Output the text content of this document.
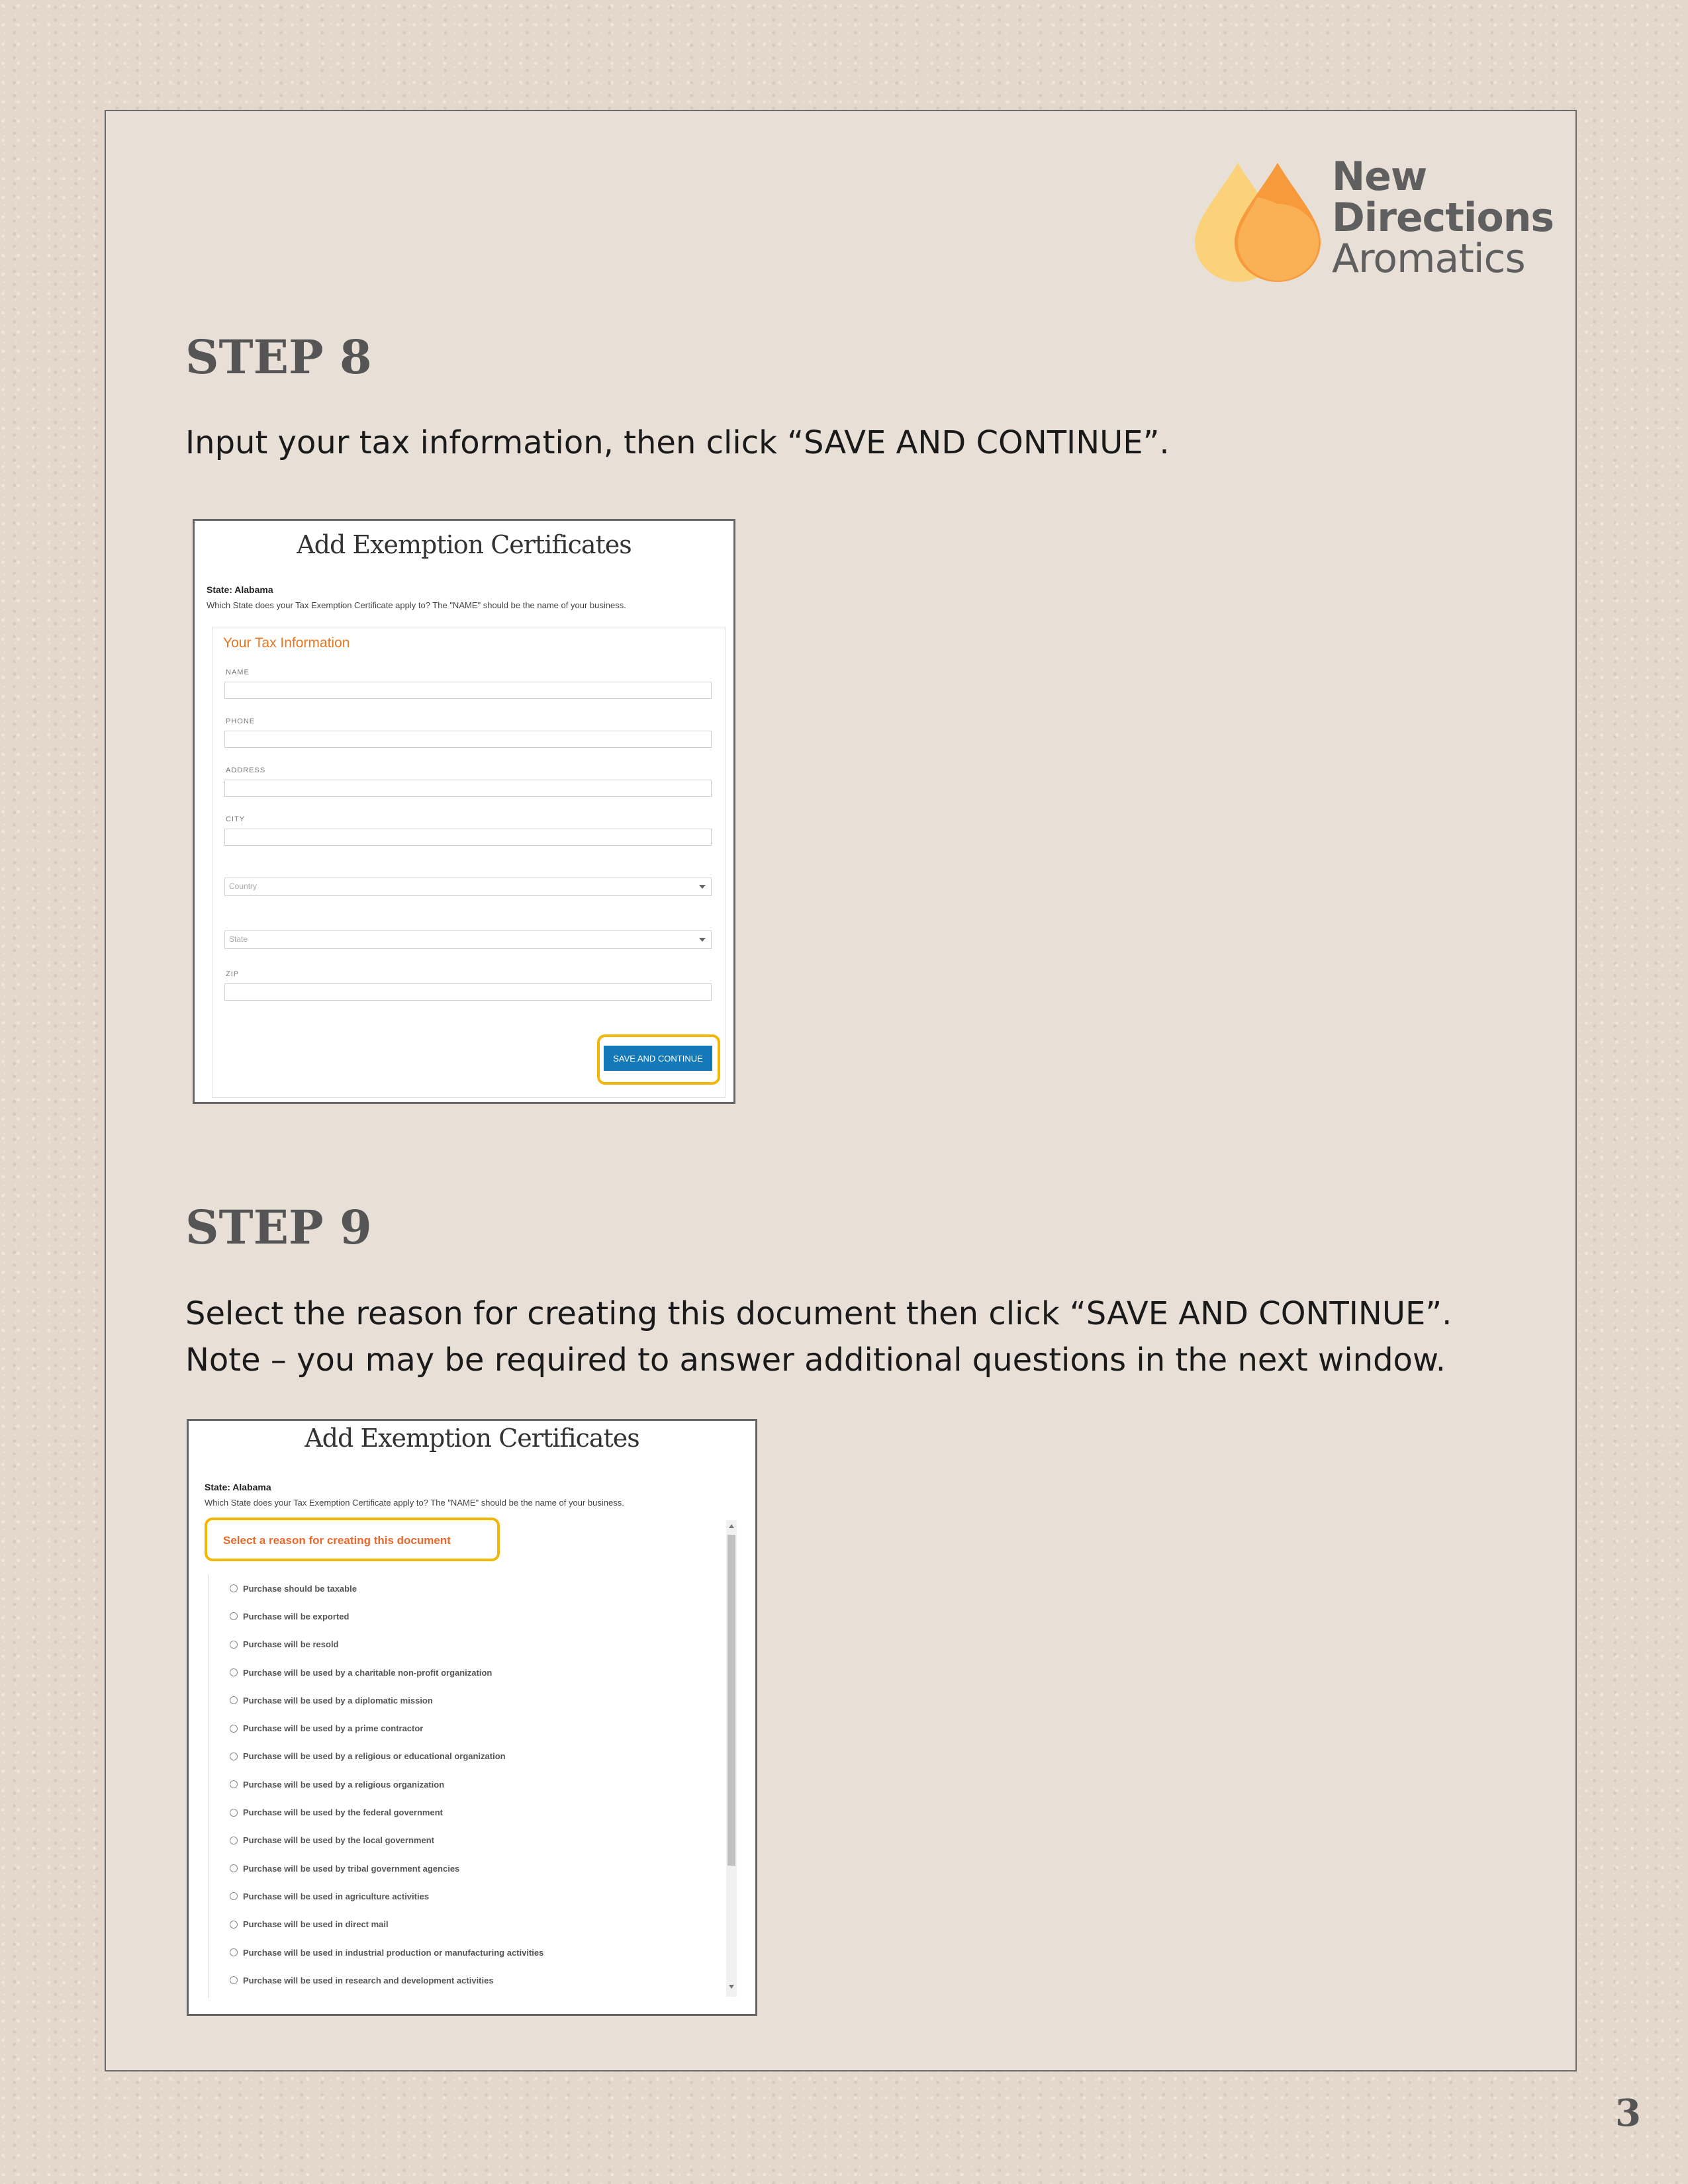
New
Directions
Aromatics
STEP 8

Input your tax information, then click “SAVE AND CONTINUE”.

Add Exemption Certificates
State: Alabama
Which State does your Tax Exemption Certificate apply to? The "NAME" should be the name of your business.
Your Tax Information
NAME
PHONE
ADDRESS
CITY
Country
State
ZIP
SAVE AND CONTINUE
STEP 9

Select the reason for creating this document then click “SAVE AND CONTINUE”.

Note – you may be required to answer additional questions in the next window.

Add Exemption Certificates
State: Alabama
Which State does your Tax Exemption Certificate apply to? The "NAME" should be the name of your business.
Select a reason for creating this document
Purchase should be taxable
Purchase will be exported
Purchase will be resold
Purchase will be used by a charitable non-profit organization
Purchase will be used by a diplomatic mission
Purchase will be used by a prime contractor
Purchase will be used by a religious or educational organization
Purchase will be used by a religious organization
Purchase will be used by the federal government
Purchase will be used by the local government
Purchase will be used by tribal government agencies
Purchase will be used in agriculture activities
Purchase will be used in direct mail
Purchase will be used in industrial production or manufacturing activities
Purchase will be used in research and development activities
3
